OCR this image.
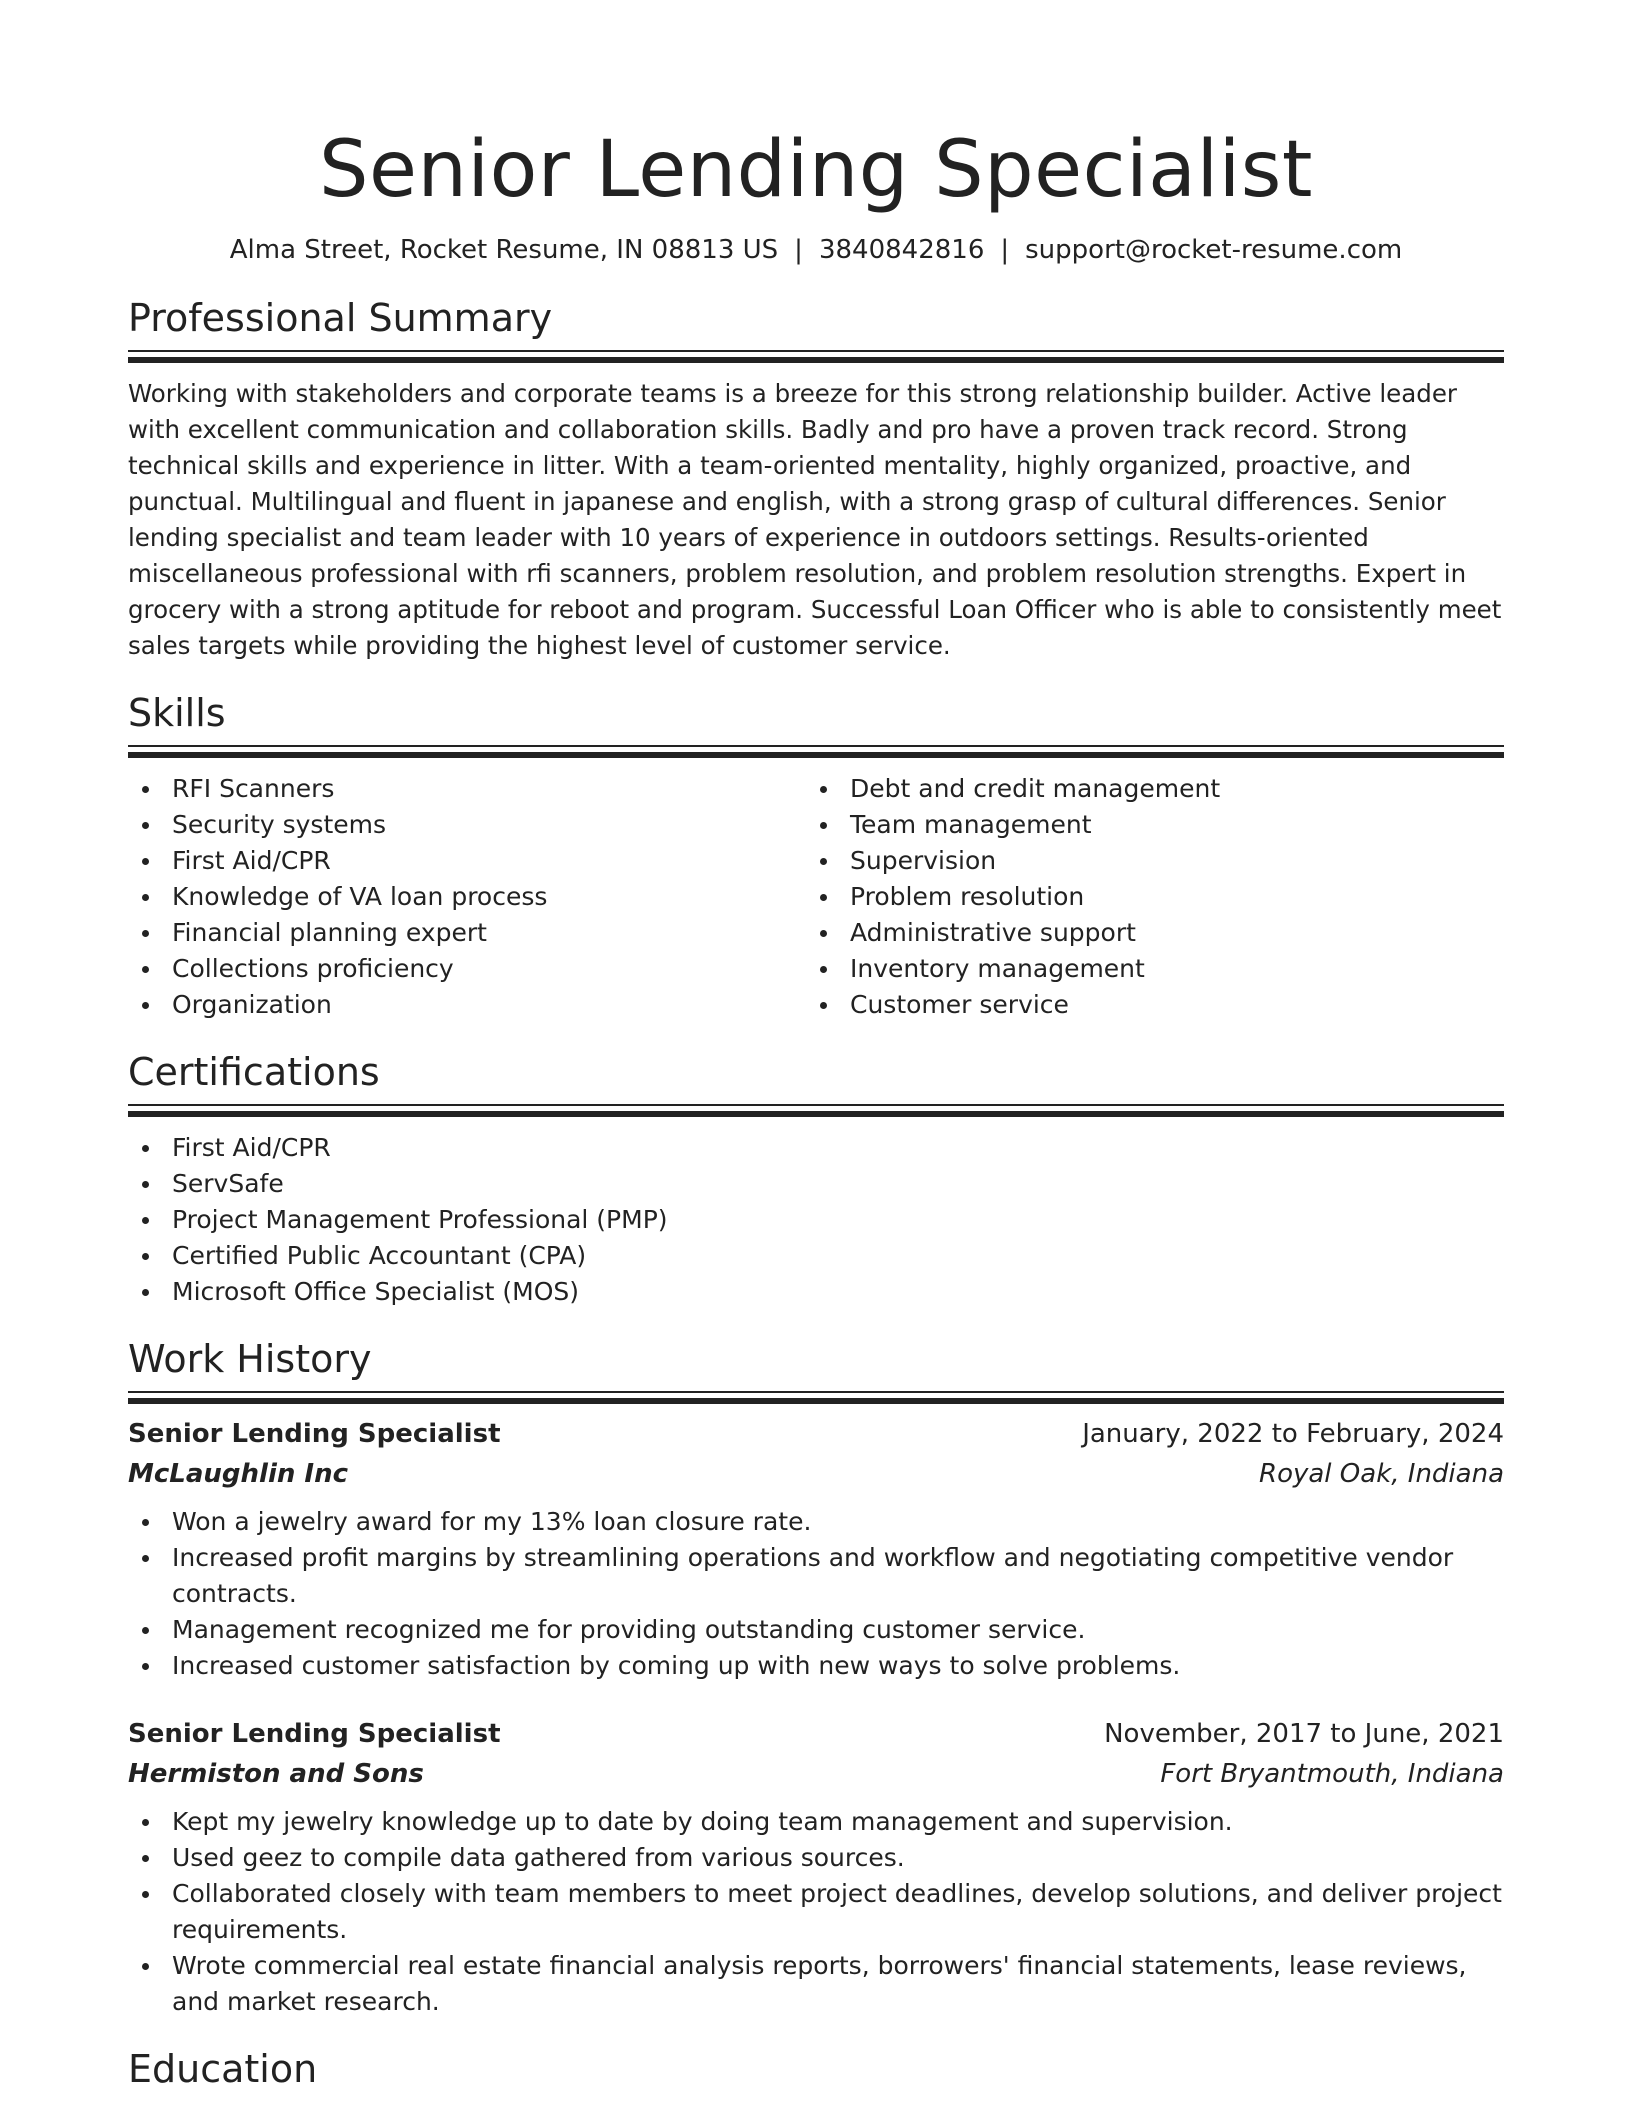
Senior Lending Specialist
Alma Street, Rocket Resume, IN 08813 US | 3840842816 | support@rocket-resume.com
Professional Summary

Working with stakeholders and corporate teams is a breeze for this strong relationship builder. Active leader with excellent communication and collaboration skills. Badly and pro have a proven track record. Strong technical skills and experience in litter. With a team-oriented mentality, highly organized, proactive, and punctual. Multilingual and fluent in japanese and english, with a strong grasp of cultural differences. Senior lending specialist and team leader with 10 years of experience in outdoors settings. Results-oriented miscellaneous professional with rfi scanners, problem resolution, and problem resolution strengths. Expert in grocery with a strong aptitude for reboot and program. Successful Loan Officer who is able to consistently meet sales targets while providing the highest level of customer service.

Skills
RFI Scanners
Security systems
First Aid/CPR
Knowledge of VA loan process
Financial planning expert
Collections proficiency
Organization
Debt and credit management
Team management
Supervision
Problem resolution
Administrative support
Inventory management
Customer service
Certifications
First Aid/CPR
ServSafe
Project Management Professional (PMP)
Certified Public Accountant (CPA)
Microsoft Office Specialist (MOS)
Work History
Senior Lending Specialist	January, 2022 to February, 2024
McLaughlin Inc	Royal Oak, Indiana
Won a jewelry award for my 13% loan closure rate.
Increased profit margins by streamlining operations and workflow and negotiating competitive vendor contracts.
Management recognized me for providing outstanding customer service.
Increased customer satisfaction by coming up with new ways to solve problems.
Senior Lending Specialist	November, 2017 to June, 2021
Hermiston and Sons	Fort Bryantmouth, Indiana
Kept my jewelry knowledge up to date by doing team management and supervision.
Used geez to compile data gathered from various sources.
Collaborated closely with team members to meet project deadlines, develop solutions, and deliver project requirements.
Wrote commercial real estate financial analysis reports, borrowers' financial statements, lease reviews, and market research.
Education
